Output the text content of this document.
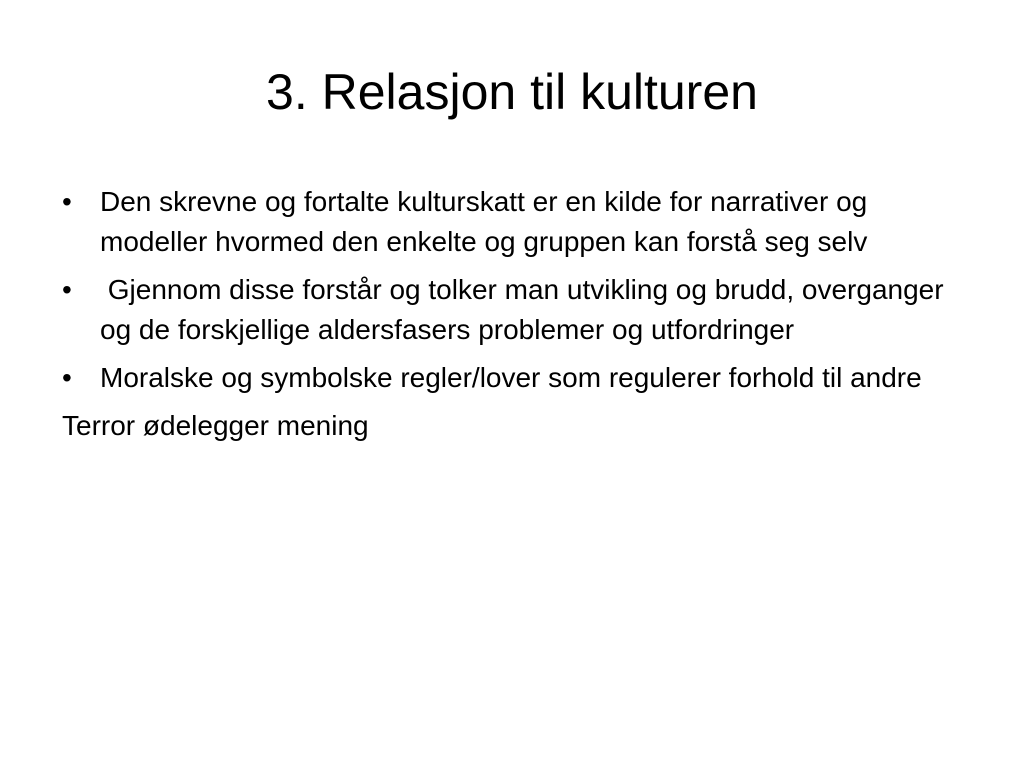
3. Relasjon til kulturen
•	Den skrevne og fortalte kulturskatt er en kilde for narrativer og modeller hvormed den enkelte og gruppen kan forstå seg selv
•	Gjennom disse forstår og tolker man utvikling og brudd, overganger og de forskjellige aldersfasers problemer og utfordringer
•	Moralske og symbolske regler/lover som regulerer forhold til andre
Terror ødelegger mening
